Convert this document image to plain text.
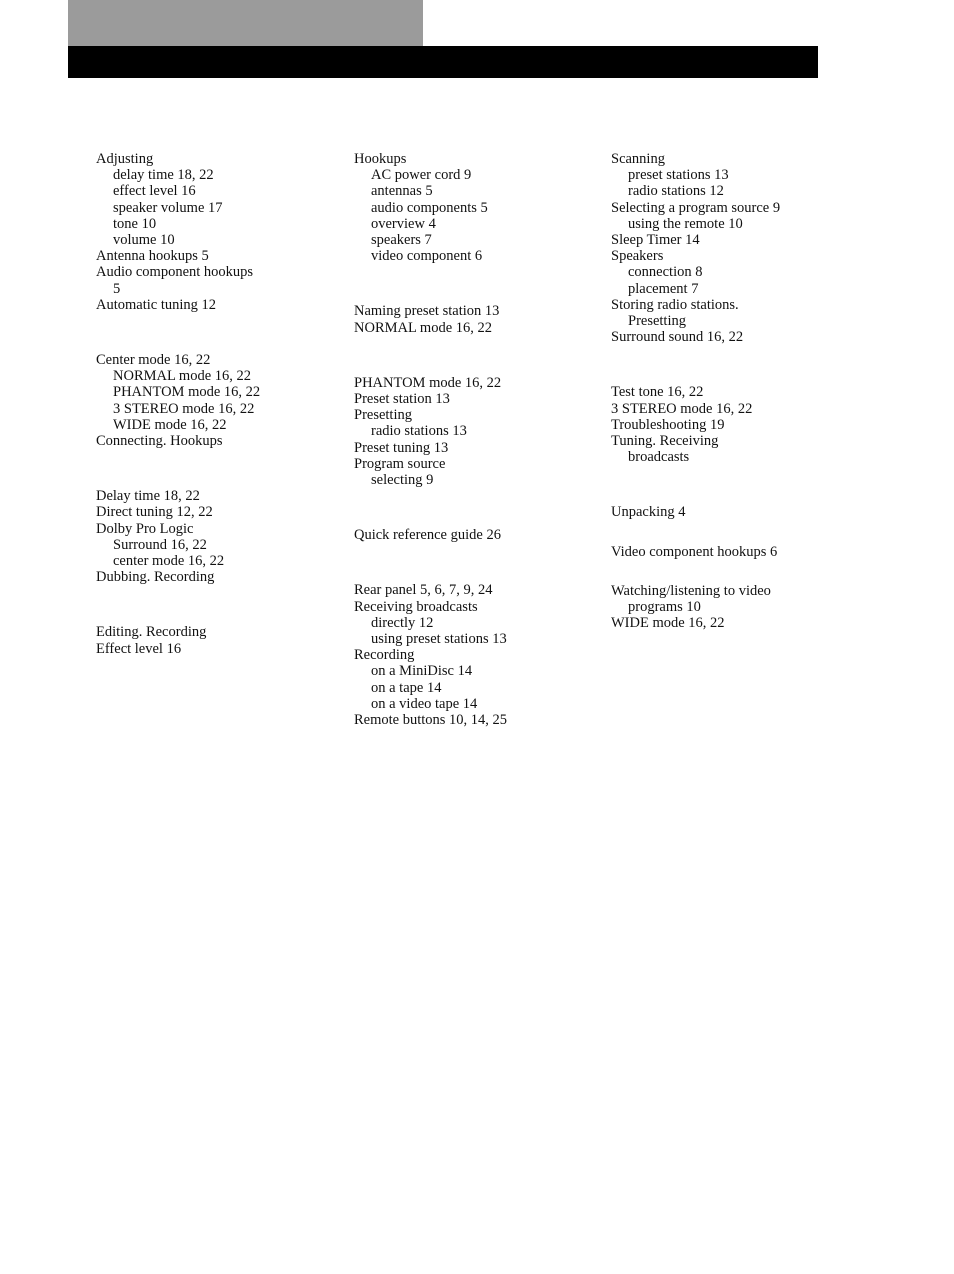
Adjusting
delay time 18, 22
effect level 16
speaker volume 17
tone 10
volume 10
Antenna hookups 5
Audio component hookups
5
Automatic tuning 12
Center mode 16, 22
NORMAL mode 16, 22
PHANTOM mode 16, 22
3 STEREO mode 16, 22
WIDE mode 16, 22
Connecting. Hookups
Delay time 18, 22
Direct tuning 12, 22
Dolby Pro Logic
Surround 16, 22
center mode 16, 22
Dubbing. Recording
Editing. Recording
Effect level 16
Hookups
AC power cord 9
antennas 5
audio components 5
overview 4
speakers 7
video component 6
Naming preset station 13
NORMAL mode 16, 22
PHANTOM mode 16, 22
Preset station 13
Presetting
radio stations 13
Preset tuning 13
Program source
selecting 9
Quick reference guide 26
Rear panel 5, 6, 7, 9, 24
Receiving broadcasts
directly 12
using preset stations 13
Recording
on a MiniDisc 14
on a tape 14
on a video tape 14
Remote buttons 10, 14, 25
Scanning
preset stations 13
radio stations 12
Selecting a program source 9
using the remote 10
Sleep Timer 14
Speakers
connection 8
placement 7
Storing radio stations.
Presetting
Surround sound 16, 22
Test tone 16, 22
3 STEREO mode 16, 22
Troubleshooting 19
Tuning. Receiving
broadcasts
Unpacking 4
Video component hookups 6
Watching/listening to video
programs 10
WIDE mode 16, 22
